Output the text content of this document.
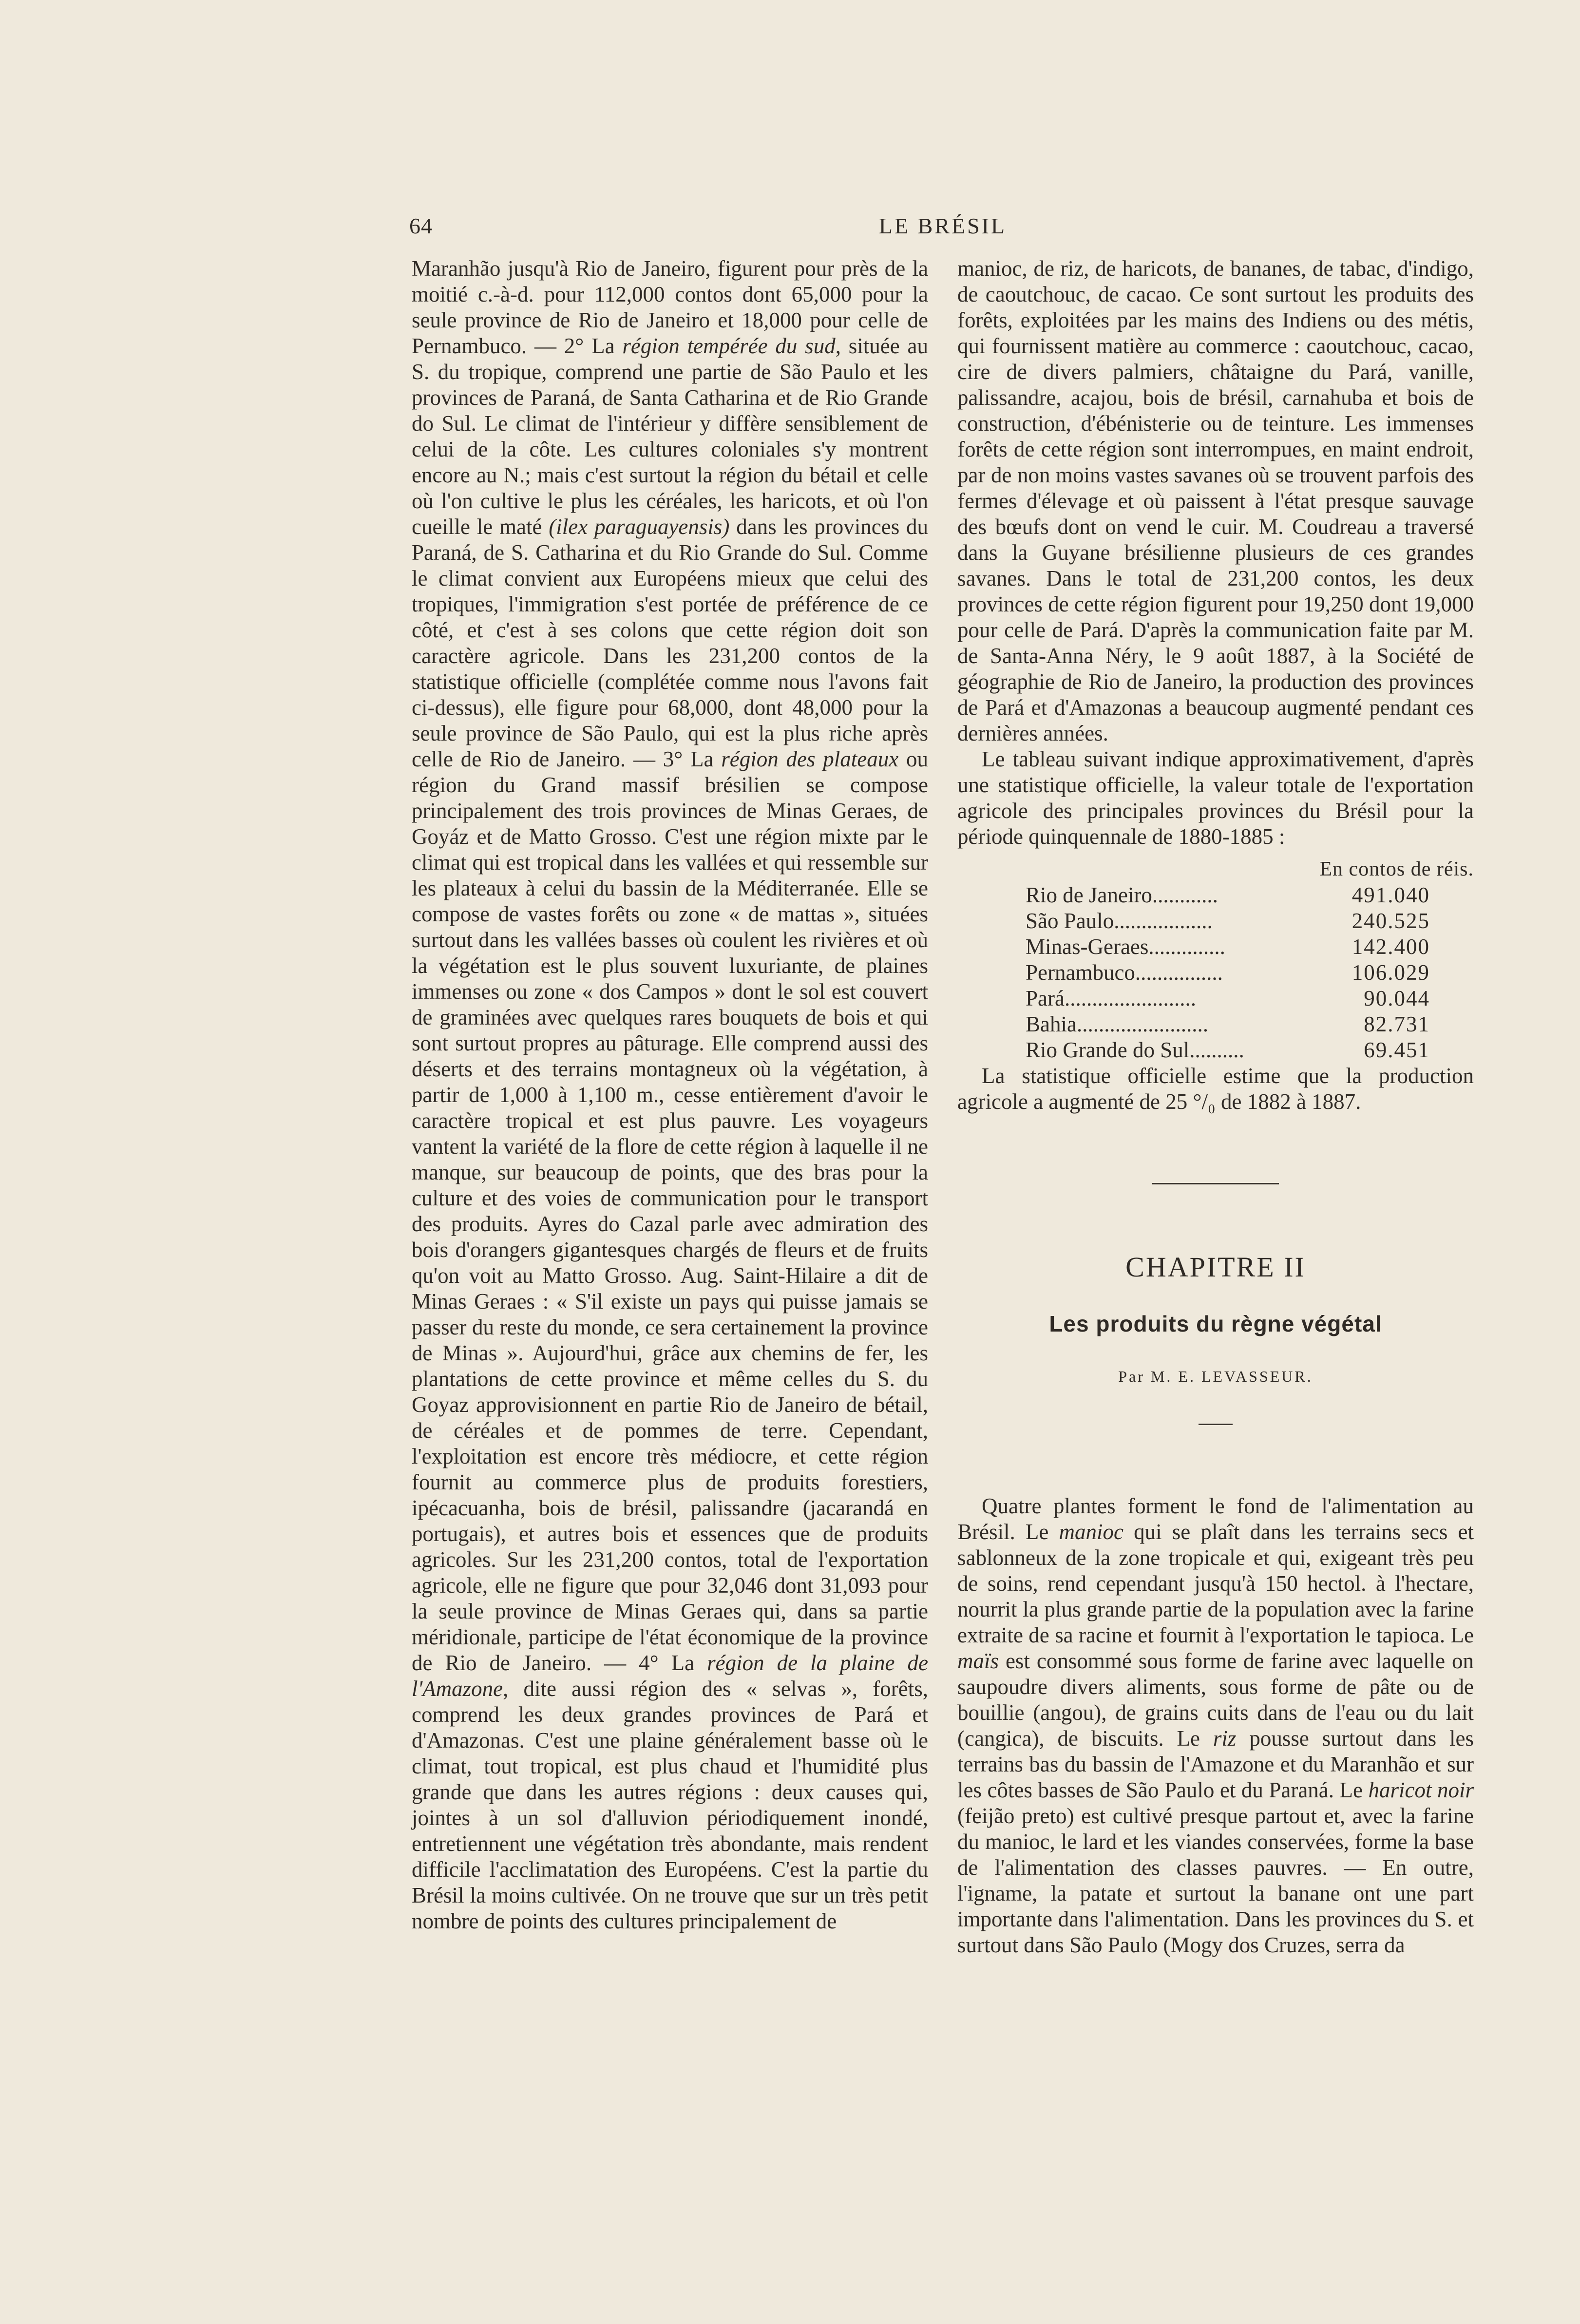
64	LE BRÉSIL

Maranhão jusqu'à Rio de Janeiro, figurent pour près de la moitié c.-à-d. pour 112,000 contos dont 65,000 pour la seule province de Rio de Janeiro et 18,000 pour celle de Pernambuco. — 2° La région tempérée du sud, située au S. du tropique, comprend une partie de São Paulo et les provinces de Paraná, de Santa Catharina et de Rio Grande do Sul. Le climat de l'intérieur y diffère sensiblement de celui de la côte. Les cultures coloniales s'y montrent encore au N.; mais c'est surtout la région du bétail et celle où l'on cultive le plus les céréales, les haricots, et où l'on cueille le maté (ilex paraguayensis) dans les provinces du Paraná, de S. Catharina et du Rio Grande do Sul. Comme le climat convient aux Européens mieux que celui des tropiques, l'immigration s'est portée de préférence de ce côté, et c'est à ses colons que cette région doit son caractère agricole. Dans les 231,200 contos de la statistique officielle (complétée comme nous l'avons fait ci-dessus), elle figure pour 68,000, dont 48,000 pour la seule province de São Paulo, qui est la plus riche après celle de Rio de Janeiro. — 3° La région des plateaux ou région du Grand massif brésilien se compose principalement des trois provinces de Minas Geraes, de Goyáz et de Matto Grosso. C'est une région mixte par le climat qui est tropical dans les vallées et qui ressemble sur les plateaux à celui du bassin de la Méditerranée. Elle se compose de vastes forêts ou zone « de mattas », situées surtout dans les vallées basses où coulent les rivières et où la végétation est le plus souvent luxuriante, de plaines immenses ou zone « dos Campos » dont le sol est couvert de graminées avec quelques rares bouquets de bois et qui sont surtout propres au pâturage. Elle comprend aussi des déserts et des terrains montagneux où la végétation, à partir de 1,000 à 1,100 m., cesse entièrement d'avoir le caractère tropical et est plus pauvre. Les voyageurs vantent la variété de la flore de cette région à laquelle il ne manque, sur beaucoup de points, que des bras pour la culture et des voies de communication pour le transport des produits. Ayres do Cazal parle avec admiration des bois d'orangers gigantesques chargés de fleurs et de fruits qu'on voit au Matto Grosso. Aug. Saint-Hilaire a dit de Minas Geraes : « S'il existe un pays qui puisse jamais se passer du reste du monde, ce sera certainement la province de Minas ». Aujourd'hui, grâce aux chemins de fer, les plantations de cette province et même celles du S. du Goyaz approvisionnent en partie Rio de Janeiro de bétail, de céréales et de pommes de terre. Cependant, l'exploitation est encore très médiocre, et cette région fournit au commerce plus de produits forestiers, ipécacuanha, bois de brésil, palissandre (jacarandá en portugais), et autres bois et essences que de produits agricoles. Sur les 231,200 contos, total de l'exportation agricole, elle ne figure que pour 32,046 dont 31,093 pour la seule province de Minas Geraes qui, dans sa partie méridionale, participe de l'état économique de la province de Rio de Janeiro. — 4° La région de la plaine de l'Amazone, dite aussi région des « selvas », forêts, comprend les deux grandes provinces de Pará et d'Amazonas. C'est une plaine généralement basse où le climat, tout tropical, est plus chaud et l'humidité plus grande que dans les autres régions : deux causes qui, jointes à un sol d'alluvion périodiquement inondé, entretiennent une végétation très abondante, mais rendent difficile l'acclimatation des Européens. C'est la partie du Brésil la moins cultivée. On ne trouve que sur un très petit nombre de points des cultures principalement de

manioc, de riz, de haricots, de bananes, de tabac, d'indigo, de caoutchouc, de cacao. Ce sont surtout les produits des forêts, exploitées par les mains des Indiens ou des métis, qui fournissent matière au commerce : caoutchouc, cacao, cire de divers palmiers, châtaigne du Pará, vanille, palissandre, acajou, bois de brésil, carnahuba et bois de construction, d'ébénisterie ou de teinture. Les immenses forêts de cette région sont interrompues, en maint endroit, par de non moins vastes savanes où se trouvent parfois des fermes d'élevage et où paissent à l'état presque sauvage des bœufs dont on vend le cuir. M. Coudreau a traversé dans la Guyane brésilienne plusieurs de ces grandes savanes. Dans le total de 231,200 contos, les deux provinces de cette région figurent pour 19,250 dont 19,000 pour celle de Pará. D'après la communication faite par M. de Santa-Anna Néry, le 9 août 1887, à la Société de géographie de Rio de Janeiro, la production des provinces de Pará et d'Amazonas a beaucoup augmenté pendant ces dernières années.

Le tableau suivant indique approximativement, d'après une statistique officielle, la valeur totale de l'exportation agricole des principales provinces du Brésil pour la période quinquennale de 1880-1885 :

En contos de réis.
Rio de Janeiro............	491.040
São Paulo..................	240.525
Minas-Geraes..............	142.400
Pernambuco................	106.029
Pará........................	90.044
Bahia........................	82.731
Rio Grande do Sul..........	69.451

La statistique officielle estime que la production agricole a augmenté de 25 °/₀ de 1882 à 1887.

CHAPITRE II
Les produits du règne végétal
Par M. E. LEVASSEUR.

Quatre plantes forment le fond de l'alimentation au Brésil. Le manioc qui se plaît dans les terrains secs et sablonneux de la zone tropicale et qui, exigeant très peu de soins, rend cependant jusqu'à 150 hectol. à l'hectare, nourrit la plus grande partie de la population avec la farine extraite de sa racine et fournit à l'exportation le tapioca. Le maïs est consommé sous forme de farine avec laquelle on saupoudre divers aliments, sous forme de pâte ou de bouillie (angou), de grains cuits dans de l'eau ou du lait (cangica), de biscuits. Le riz pousse surtout dans les terrains bas du bassin de l'Amazone et du Maranhão et sur les côtes basses de São Paulo et du Paraná. Le haricot noir (feijão preto) est cultivé presque partout et, avec la farine du manioc, le lard et les viandes conservées, forme la base de l'alimentation des classes pauvres. — En outre, l'igname, la patate et surtout la banane ont une part importante dans l'alimentation. Dans les provinces du S. et surtout dans São Paulo (Mogy dos Cruzes, serra da
